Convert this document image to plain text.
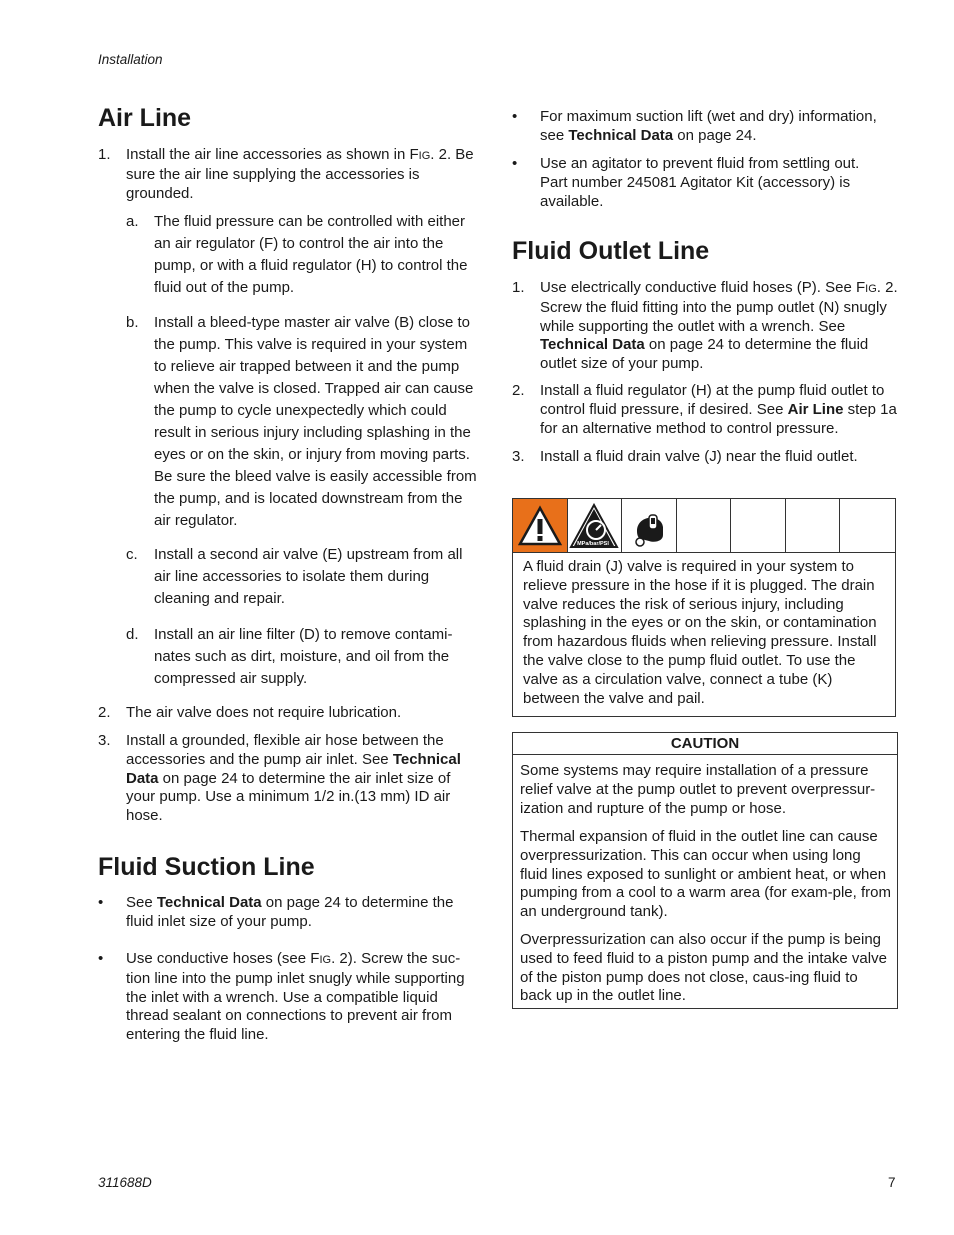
Installation
Air Line
1. Install the air line accessories as shown in FIG. 2. Be sure the air line supplying the accessories is grounded.
a. The fluid pressure can be controlled with either an air regulator (F) to control the air into the pump, or with a fluid regulator (H) to control the fluid out of the pump.
b. Install a bleed-type master air valve (B) close to the pump. This valve is required in your system to relieve air trapped between it and the pump when the valve is closed. Trapped air can cause the pump to cycle unexpectedly which could result in serious injury including splashing in the eyes or on the skin, or injury from moving parts. Be sure the bleed valve is easily accessible from the pump, and is located downstream from the air regulator.
c. Install a second air valve (E) upstream from all air line accessories to isolate them during cleaning and repair.
d. Install an air line filter (D) to remove contami-nates such as dirt, moisture, and oil from the compressed air supply.
2. The air valve does not require lubrication.
3. Install a grounded, flexible air hose between the accessories and the pump air inlet. See Technical Data on page 24 to determine the air inlet size of your pump. Use a minimum 1/2 in.(13 mm) ID air hose.
Fluid Suction Line
• See Technical Data on page 24 to determine the fluid inlet size of your pump.
• Use conductive hoses (see FIG. 2). Screw the suc-tion line into the pump inlet snugly while supporting the inlet with a wrench. Use a compatible liquid thread sealant on connections to prevent air from entering the fluid line.
• For maximum suction lift (wet and dry) information, see Technical Data on page 24.
• Use an agitator to prevent fluid from settling out. Part number 245081 Agitator Kit (accessory) is available.
Fluid Outlet Line
1. Use electrically conductive fluid hoses (P). See FIG. 2. Screw the fluid fitting into the pump outlet (N) snugly while supporting the outlet with a wrench. See Technical Data on page 24 to determine the fluid outlet size of your pump.
2. Install a fluid regulator (H) at the pump fluid outlet to control fluid pressure, if desired. See Air Line step 1a for an alternative method to control pressure.
3. Install a fluid drain valve (J) near the fluid outlet.
MPa/bar/PSI
A fluid drain (J) valve is required in your system to relieve pressure in the hose if it is plugged. The drain valve reduces the risk of serious injury, including splashing in the eyes or on the skin, or contamination from hazardous fluids when relieving pressure. Install the valve close to the pump fluid outlet. To use the valve as a circulation valve, connect a tube (K) between the valve and pail.
CAUTION
Some systems may require installation of a pressure relief valve at the pump outlet to prevent overpressur-ization and rupture of the pump or hose.
Thermal expansion of fluid in the outlet line can cause overpressurization. This can occur when using long fluid lines exposed to sunlight or ambient heat, or when pumping from a cool to a warm area (for exam-ple, from an underground tank).
Overpressurization can also occur if the pump is being used to feed fluid to a piston pump and the intake valve of the piston pump does not close, caus-ing fluid to back up in the outlet line.
311688D	7
